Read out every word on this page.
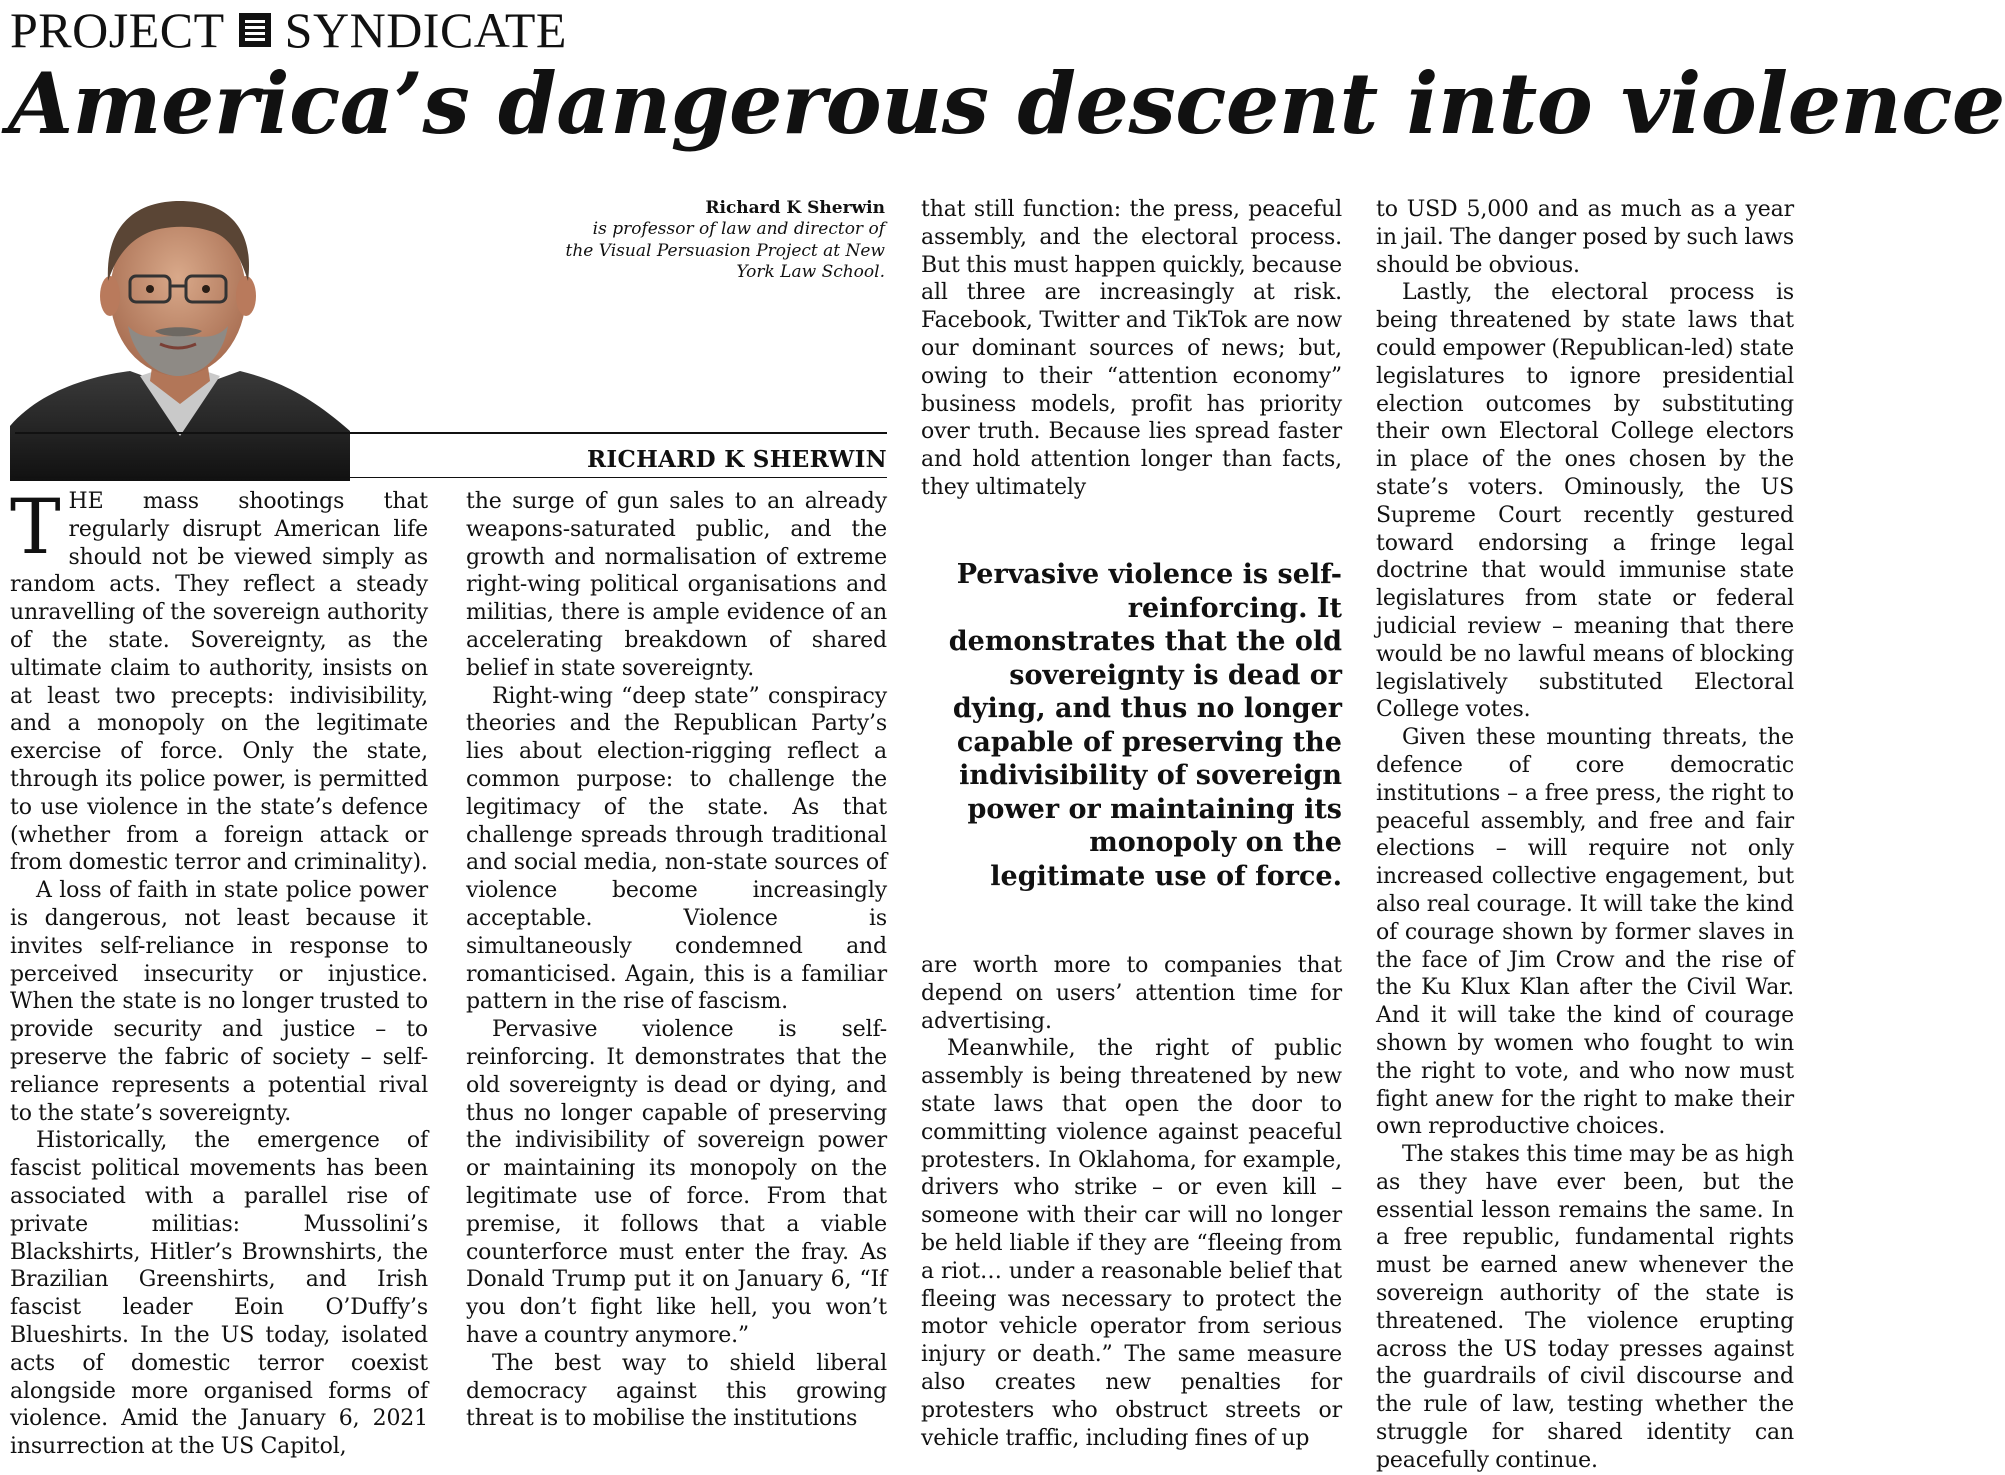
PROJECT SYNDICATE
America’s dangerous descent into violence
Richard K Sherwin
is professor of law and director of the Visual Persuasion Project at New York Law School.
RICHARD K SHERWIN

THE mass shootings that regularly disrupt American life should not be viewed simply as random acts. They reflect a steady unravelling of the sovereign authority of the state. Sovereignty, as the ultimate claim to authority, insists on at least two precepts: indivisibility, and a monopoly on the legitimate exercise of force. Only the state, through its police power, is permitted to use violence in the state’s defence (whether from a foreign attack or from domestic terror and criminality).

A loss of faith in state police power is dangerous, not least because it invites self-reliance in response to perceived insecurity or injustice. When the state is no longer trusted to provide security and justice – to preserve the fabric of society – self-reliance represents a potential rival to the state’s sovereignty.

Historically, the emergence of fascist political movements has been associated with a parallel rise of private militias: Mussolini’s Blackshirts, Hitler’s Brownshirts, the Brazilian Greenshirts, and Irish fascist leader Eoin O’Duffy’s Blueshirts. In the US today, isolated acts of domestic terror coexist alongside more organised forms of violence. Amid the January 6, 2021 insurrection at the US Capitol,

the surge of gun sales to an already weapons-saturated public, and the growth and normalisation of extreme right-wing political organisations and militias, there is ample evidence of an accelerating breakdown of shared belief in state sovereignty.

Right-wing “deep state” conspiracy theories and the Republican Party’s lies about election-rigging reflect a common purpose: to challenge the legitimacy of the state. As that challenge spreads through traditional and social media, non-state sources of violence become increasingly acceptable. Violence is simultaneously condemned and romanticised. Again, this is a familiar pattern in the rise of fascism.

Pervasive violence is self-reinforcing. It demonstrates that the old sovereignty is dead or dying, and thus no longer capable of preserving the indivisibility of sovereign power or maintaining its monopoly on the legitimate use of force. From that premise, it follows that a viable counterforce must enter the fray. As Donald Trump put it on January 6, “If you don’t fight like hell, you won’t have a country anymore.”

The best way to shield liberal democracy against this growing threat is to mobilise the institutions

that still function: the press, peaceful assembly, and the electoral process. But this must happen quickly, because all three are increasingly at risk. Facebook, Twitter and TikTok are now our dominant sources of news; but, owing to their “attention economy” business models, profit has priority over truth. Because lies spread faster and hold attention longer than facts, they ultimately

Pervasive violence is self-reinforcing. It demonstrates that the old sovereignty is dead or dying, and thus no longer capable of preserving the indivisibility of sovereign power or maintaining its monopoly on the legitimate use of force.

are worth more to companies that depend on users’ attention time for advertising.

Meanwhile, the right of public assembly is being threatened by new state laws that open the door to committing violence against peaceful protesters. In Oklahoma, for example, drivers who strike – or even kill – someone with their car will no longer be held liable if they are “fleeing from a riot… under a reasonable belief that fleeing was necessary to protect the motor vehicle operator from serious injury or death.” The same measure also creates new penalties for protesters who obstruct streets or vehicle traffic, including fines of up

to USD 5,000 and as much as a year in jail. The danger posed by such laws should be obvious.

Lastly, the electoral process is being threatened by state laws that could empower (Republican-led) state legislatures to ignore presidential election outcomes by substituting their own Electoral College electors in place of the ones chosen by the state’s voters. Ominously, the US Supreme Court recently gestured toward endorsing a fringe legal doctrine that would immunise state legislatures from state or federal judicial review – meaning that there would be no lawful means of blocking legislatively substituted Electoral College votes.

Given these mounting threats, the defence of core democratic institutions – a free press, the right to peaceful assembly, and free and fair elections – will require not only increased collective engagement, but also real courage. It will take the kind of courage shown by former slaves in the face of Jim Crow and the rise of the Ku Klux Klan after the Civil War. And it will take the kind of courage shown by women who fought to win the right to vote, and who now must fight anew for the right to make their own reproductive choices.

The stakes this time may be as high as they have ever been, but the essential lesson remains the same. In a free republic, fundamental rights must be earned anew whenever the sovereign authority of the state is threatened. The violence erupting across the US today presses against the guardrails of civil discourse and the rule of law, testing whether the struggle for shared identity can peacefully continue.
